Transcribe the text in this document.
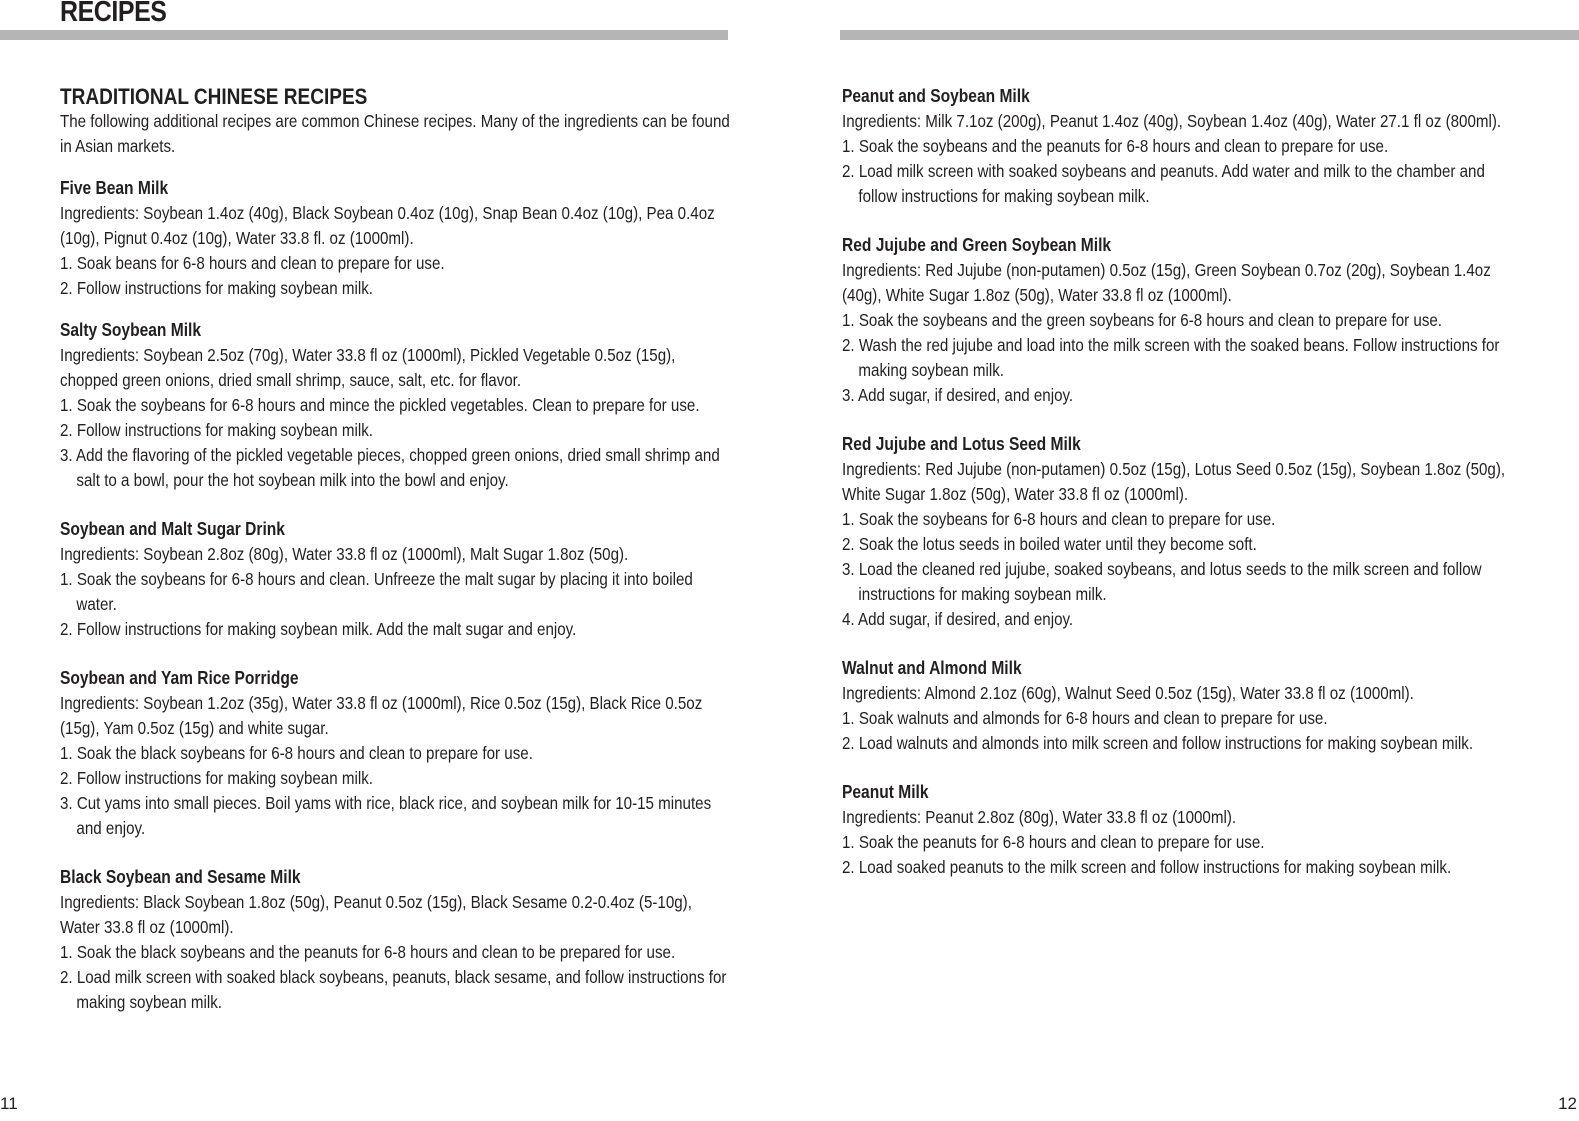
RECIPES
TRADITIONAL CHINESE RECIPES

The following additional recipes are common Chinese recipes. Many of the ingredients can be found in Asian markets.

Five Bean Milk
Ingredients: Soybean 1.4oz (40g), Black Soybean 0.4oz (10g), Snap Bean 0.4oz (10g), Pea 0.4oz (10g), Pignut 0.4oz (10g), Water 33.8 fl. oz (1000ml).
1. Soak beans for 6-8 hours and clean to prepare for use.
2. Follow instructions for making soybean milk.
Salty Soybean Milk
Ingredients: Soybean 2.5oz (70g), Water 33.8 fl oz (1000ml), Pickled Vegetable 0.5oz (15g), chopped green onions, dried small shrimp, sauce, salt, etc. for flavor.
1. Soak the soybeans for 6-8 hours and mince the pickled vegetables. Clean to prepare for use.
2. Follow instructions for making soybean milk.
3. Add the flavoring of the pickled vegetable pieces, chopped green onions, dried small shrimp and salt to a bowl, pour the hot soybean milk into the bowl and enjoy.
Soybean and Malt Sugar Drink
Ingredients: Soybean 2.8oz (80g), Water 33.8 fl oz (1000ml), Malt Sugar 1.8oz (50g).
1. Soak the soybeans for 6-8 hours and clean. Unfreeze the malt sugar by placing it into boiled water.
2. Follow instructions for making soybean milk. Add the malt sugar and enjoy.
Soybean and Yam Rice Porridge
Ingredients: Soybean 1.2oz (35g), Water 33.8 fl oz (1000ml), Rice 0.5oz (15g), Black Rice 0.5oz (15g), Yam 0.5oz (15g) and white sugar.
1. Soak the black soybeans for 6-8 hours and clean to prepare for use.
2. Follow instructions for making soybean milk.
3. Cut yams into small pieces. Boil yams with rice, black rice, and soybean milk for 10-15 minutes and enjoy.
Black Soybean and Sesame Milk
Ingredients: Black Soybean 1.8oz (50g), Peanut 0.5oz (15g), Black Sesame 0.2-0.4oz (5-10g), Water 33.8 fl oz (1000ml).
1. Soak the black soybeans and the peanuts for 6-8 hours and clean to be prepared for use.
2. Load milk screen with soaked black soybeans, peanuts, black sesame, and follow instructions for making soybean milk.
Peanut and Soybean Milk
Ingredients: Milk 7.1oz (200g), Peanut 1.4oz (40g), Soybean 1.4oz (40g), Water 27.1 fl oz (800ml).
1. Soak the soybeans and the peanuts for 6-8 hours and clean to prepare for use.
2. Load milk screen with soaked soybeans and peanuts. Add water and milk to the chamber and follow instructions for making soybean milk.
Red Jujube and Green Soybean Milk
Ingredients: Red Jujube (non-putamen) 0.5oz (15g), Green Soybean 0.7oz (20g), Soybean 1.4oz (40g), White Sugar 1.8oz (50g), Water 33.8 fl oz (1000ml).
1. Soak the soybeans and the green soybeans for 6-8 hours and clean to prepare for use.
2. Wash the red jujube and load into the milk screen with the soaked beans. Follow instructions for making soybean milk.
3. Add sugar, if desired, and enjoy.
Red Jujube and Lotus Seed Milk
Ingredients: Red Jujube (non-putamen) 0.5oz (15g), Lotus Seed 0.5oz (15g), Soybean 1.8oz (50g), White Sugar 1.8oz (50g), Water 33.8 fl oz (1000ml).
1. Soak the soybeans for 6-8 hours and clean to prepare for use.
2. Soak the lotus seeds in boiled water until they become soft.
3. Load the cleaned red jujube, soaked soybeans, and lotus seeds to the milk screen and follow instructions for making soybean milk.
4. Add sugar, if desired, and enjoy.
Walnut and Almond Milk
Ingredients: Almond 2.1oz (60g), Walnut Seed 0.5oz (15g), Water 33.8 fl oz (1000ml).
1. Soak walnuts and almonds for 6-8 hours and clean to prepare for use.
2. Load walnuts and almonds into milk screen and follow instructions for making soybean milk.
Peanut Milk
Ingredients: Peanut 2.8oz (80g), Water 33.8 fl oz (1000ml).
1. Soak the peanuts for 6-8 hours and clean to prepare for use.
2. Load soaked peanuts to the milk screen and follow instructions for making soybean milk.
11	12
